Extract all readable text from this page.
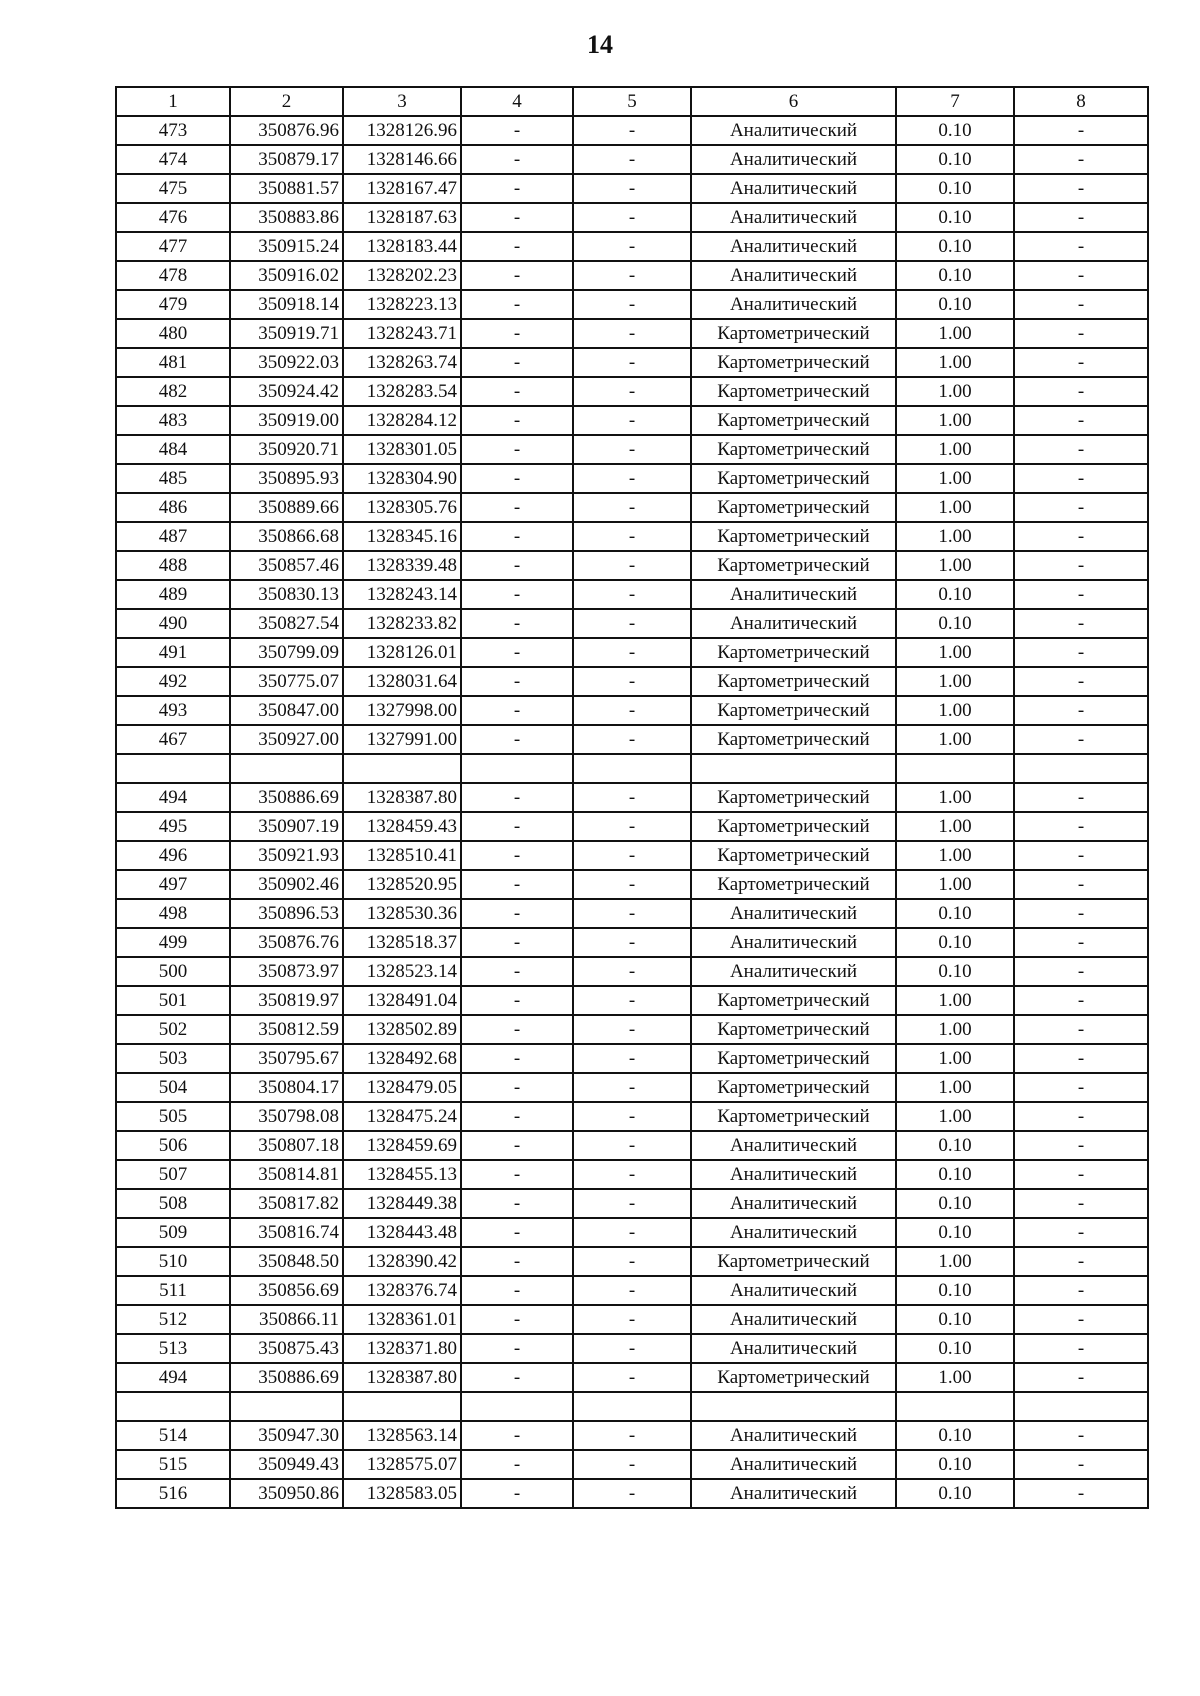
14
1	2	3	4	5	6	7	8
473	350876.96	1328126.96	-	-	Аналитический	0.10	-
474	350879.17	1328146.66	-	-	Аналитический	0.10	-
475	350881.57	1328167.47	-	-	Аналитический	0.10	-
476	350883.86	1328187.63	-	-	Аналитический	0.10	-
477	350915.24	1328183.44	-	-	Аналитический	0.10	-
478	350916.02	1328202.23	-	-	Аналитический	0.10	-
479	350918.14	1328223.13	-	-	Аналитический	0.10	-
480	350919.71	1328243.71	-	-	Картометрический	1.00	-
481	350922.03	1328263.74	-	-	Картометрический	1.00	-
482	350924.42	1328283.54	-	-	Картометрический	1.00	-
483	350919.00	1328284.12	-	-	Картометрический	1.00	-
484	350920.71	1328301.05	-	-	Картометрический	1.00	-
485	350895.93	1328304.90	-	-	Картометрический	1.00	-
486	350889.66	1328305.76	-	-	Картометрический	1.00	-
487	350866.68	1328345.16	-	-	Картометрический	1.00	-
488	350857.46	1328339.48	-	-	Картометрический	1.00	-
489	350830.13	1328243.14	-	-	Аналитический	0.10	-
490	350827.54	1328233.82	-	-	Аналитический	0.10	-
491	350799.09	1328126.01	-	-	Картометрический	1.00	-
492	350775.07	1328031.64	-	-	Картометрический	1.00	-
493	350847.00	1327998.00	-	-	Картометрический	1.00	-
467	350927.00	1327991.00	-	-	Картометрический	1.00	-

494	350886.69	1328387.80	-	-	Картометрический	1.00	-
495	350907.19	1328459.43	-	-	Картометрический	1.00	-
496	350921.93	1328510.41	-	-	Картометрический	1.00	-
497	350902.46	1328520.95	-	-	Картометрический	1.00	-
498	350896.53	1328530.36	-	-	Аналитический	0.10	-
499	350876.76	1328518.37	-	-	Аналитический	0.10	-
500	350873.97	1328523.14	-	-	Аналитический	0.10	-
501	350819.97	1328491.04	-	-	Картометрический	1.00	-
502	350812.59	1328502.89	-	-	Картометрический	1.00	-
503	350795.67	1328492.68	-	-	Картометрический	1.00	-
504	350804.17	1328479.05	-	-	Картометрический	1.00	-
505	350798.08	1328475.24	-	-	Картометрический	1.00	-
506	350807.18	1328459.69	-	-	Аналитический	0.10	-
507	350814.81	1328455.13	-	-	Аналитический	0.10	-
508	350817.82	1328449.38	-	-	Аналитический	0.10	-
509	350816.74	1328443.48	-	-	Аналитический	0.10	-
510	350848.50	1328390.42	-	-	Картометрический	1.00	-
511	350856.69	1328376.74	-	-	Аналитический	0.10	-
512	350866.11	1328361.01	-	-	Аналитический	0.10	-
513	350875.43	1328371.80	-	-	Аналитический	0.10	-
494	350886.69	1328387.80	-	-	Картометрический	1.00	-

514	350947.30	1328563.14	-	-	Аналитический	0.10	-
515	350949.43	1328575.07	-	-	Аналитический	0.10	-
516	350950.86	1328583.05	-	-	Аналитический	0.10	-
